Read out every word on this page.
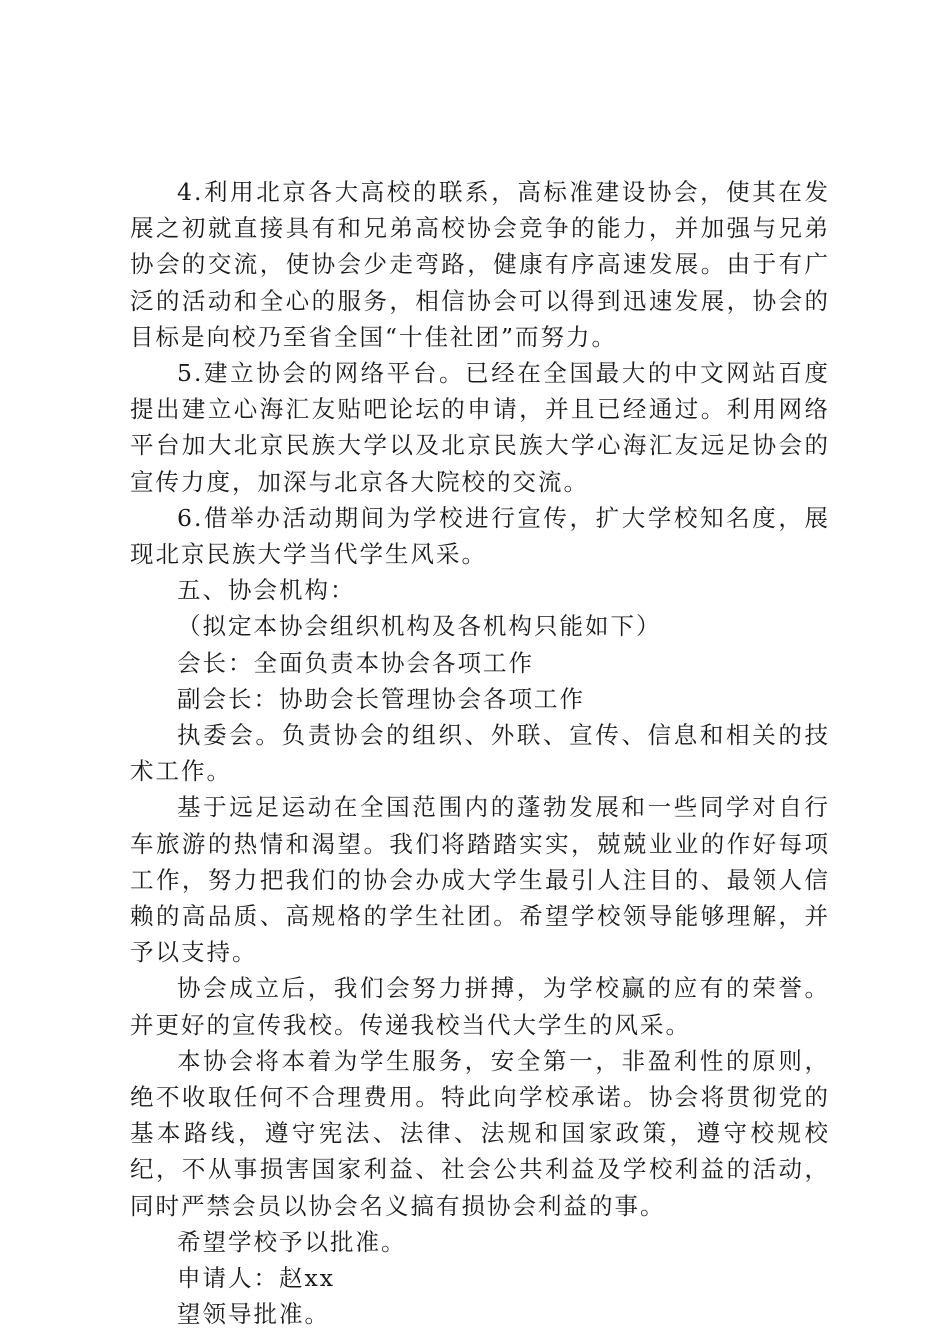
4.利用北京各大高校的联系，高标准建设协会，使其在发展之初就直接具有和兄弟高校协会竞争的能力，并加强与兄弟协会的交流，使协会少走弯路，健康有序高速发展。由于有广泛的活动和全心的服务，相信协会可以得到迅速发展，协会的目标是向校乃至省全国“十佳社团”而努力。

5.建立协会的网络平台。已经在全国最大的中文网站百度提出建立心海汇友贴吧论坛的申请，并且已经通过。利用网络平台加大北京民族大学以及北京民族大学心海汇友远足协会的宣传力度，加深与北京各大院校的交流。

6.借举办活动期间为学校进行宣传，扩大学校知名度，展现北京民族大学当代学生风采。

五、协会机构：

（拟定本协会组织机构及各机构只能如下）

会长：全面负责本协会各项工作

副会长：协助会长管理协会各项工作

执委会。负责协会的组织、外联、宣传、信息和相关的技术工作。

基于远足运动在全国范围内的蓬勃发展和一些同学对自行车旅游的热情和渴望。我们将踏踏实实，兢兢业业的作好每项工作，努力把我们的协会办成大学生最引人注目的、最领人信赖的高品质、高规格的学生社团。希望学校领导能够理解，并予以支持。

协会成立后，我们会努力拼搏，为学校赢的应有的荣誉。并更好的宣传我校。传递我校当代大学生的风采。

本协会将本着为学生服务，安全第一，非盈利性的原则，绝不收取任何不合理费用。特此向学校承诺。协会将贯彻党的基本路线，遵守宪法、法律、法规和国家政策，遵守校规校纪，不从事损害国家利益、社会公共利益及学校利益的活动，同时严禁会员以协会名义搞有损协会利益的事。

希望学校予以批准。

申请人：赵xx

望领导批准。
